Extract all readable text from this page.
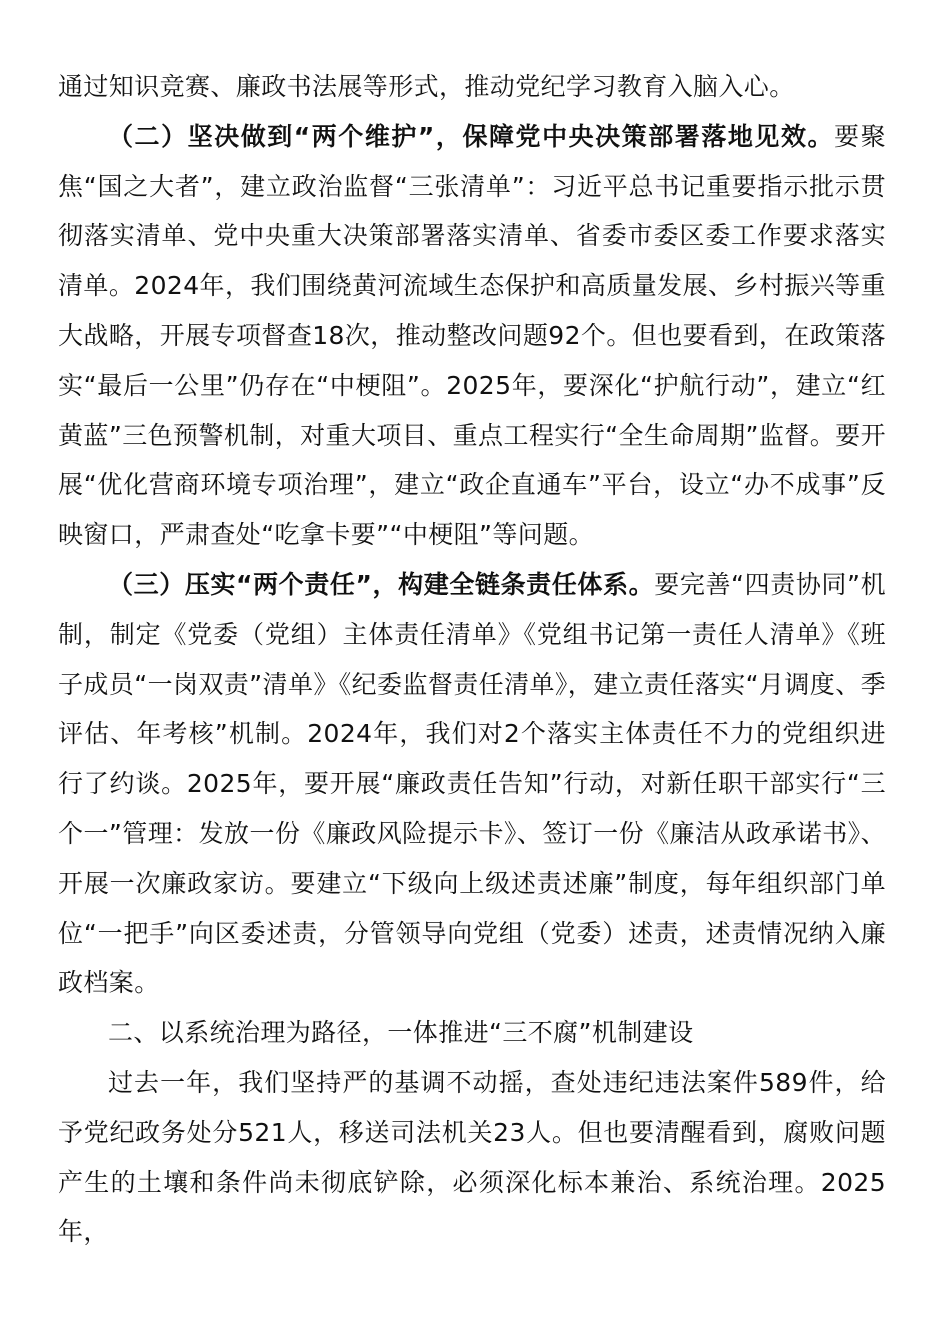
通过知识竞赛、廉政书法展等形式，推动党纪学习教育入脑入心。

（二）坚决做到“两个维护”，保障党中央决策部署落地见效。要聚焦“国之大者”，建立政治监督“三张清单”：习近平总书记重要指示批示贯彻落实清单、党中央重大决策部署落实清单、省委市委区委工作要求落实清单。2024年，我们围绕黄河流域生态保护和高质量发展、乡村振兴等重大战略，开展专项督查18次，推动整改问题92个。但也要看到，在政策落实“最后一公里”仍存在“中梗阻”。2025年，要深化“护航行动”，建立“红黄蓝”三色预警机制，对重大项目、重点工程实行“全生命周期”监督。要开展“优化营商环境专项治理”，建立“政企直通车”平台，设立“办不成事”反映窗口，严肃查处“吃拿卡要”“中梗阻”等问题。

（三）压实“两个责任”，构建全链条责任体系。要完善“四责协同”机制，制定《党委（党组）主体责任清单》《党组书记第一责任人清单》《班子成员“一岗双责”清单》《纪委监督责任清单》，建立责任落实“月调度、季评估、年考核”机制。2024年，我们对2个落实主体责任不力的党组织进行了约谈。2025年，要开展“廉政责任告知”行动，对新任职干部实行“三个一”管理：发放一份《廉政风险提示卡》、签订一份《廉洁从政承诺书》、开展一次廉政家访。要建立“下级向上级述责述廉”制度，每年组织部门单位“一把手”向区委述责，分管领导向党组（党委）述责，述责情况纳入廉政档案。

二、以系统治理为路径，一体推进“三不腐”机制建设

过去一年，我们坚持严的基调不动摇，查处违纪违法案件589件，给予党纪政务处分521人，移送司法机关23人。但也要清醒看到，腐败问题产生的土壤和条件尚未彻底铲除，必须深化标本兼治、系统治理。2025年，
